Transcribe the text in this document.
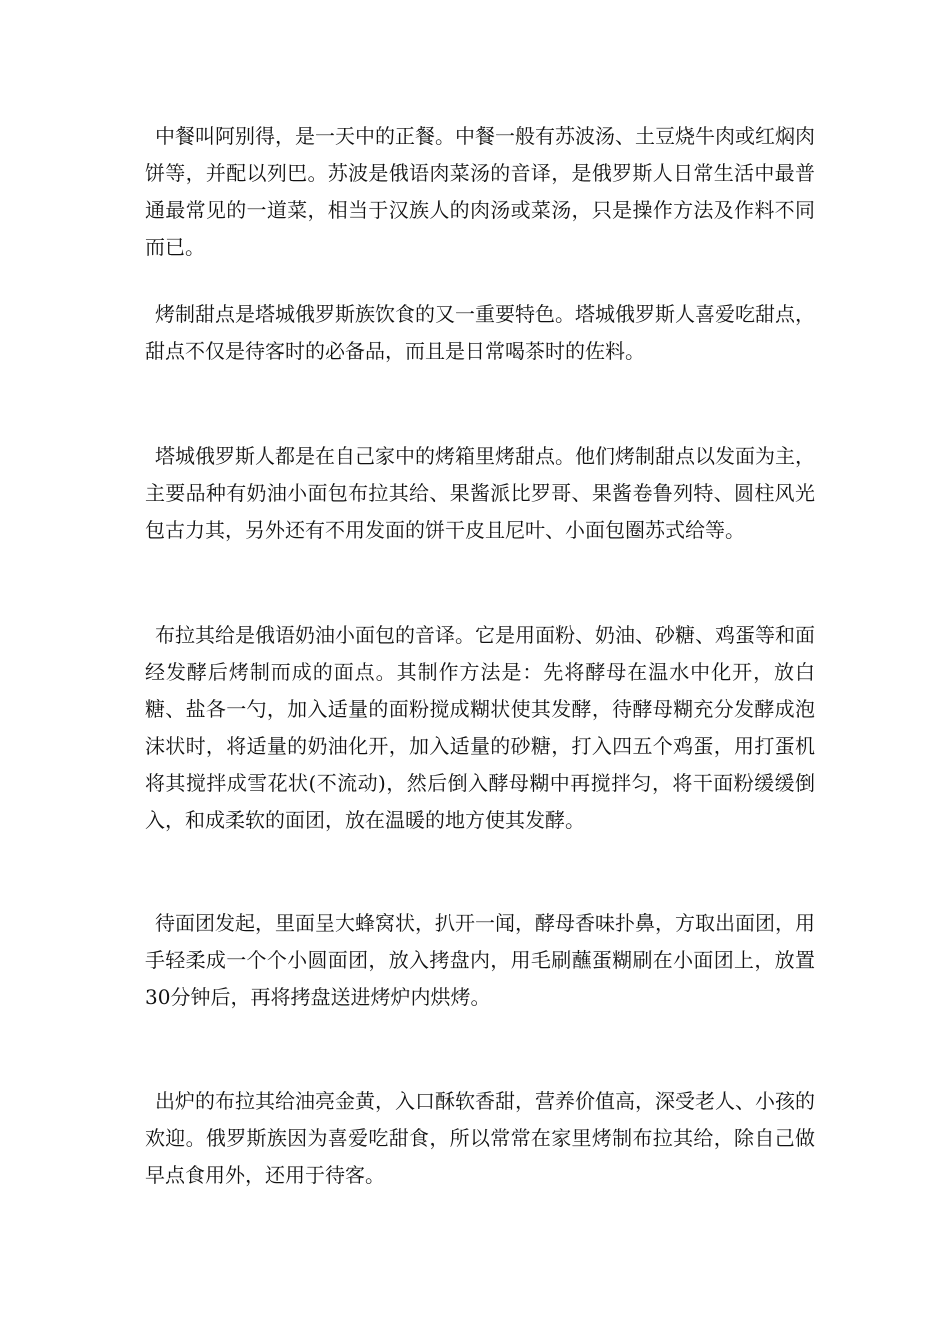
中餐叫阿别得，是一天中的正餐。中餐一般有苏波汤、土豆烧牛肉或红焖肉饼等，并配以列巴。苏波是俄语肉菜汤的音译，是俄罗斯人日常生活中最普通最常见的一道菜，相当于汉族人的肉汤或菜汤，只是操作方法及作料不同而已。

烤制甜点是塔城俄罗斯族饮食的又一重要特色。塔城俄罗斯人喜爱吃甜点，甜点不仅是待客时的必备品，而且是日常喝茶时的佐料。

塔城俄罗斯人都是在自己家中的烤箱里烤甜点。他们烤制甜点以发面为主，主要品种有奶油小面包布拉其给、果酱派比罗哥、果酱卷鲁列特、圆柱风光包古力其，另外还有不用发面的饼干皮且尼叶、小面包圈苏式给等。

布拉其给是俄语奶油小面包的音译。它是用面粉、奶油、砂糖、鸡蛋等和面经发酵后烤制而成的面点。其制作方法是：先将酵母在温水中化开，放白糖、盐各一勺，加入适量的面粉搅成糊状使其发酵，待酵母糊充分发酵成泡沫状时，将适量的奶油化开，加入适量的砂糖，打入四五个鸡蛋，用打蛋机将其搅拌成雪花状(不流动)，然后倒入酵母糊中再搅拌匀，将干面粉缓缓倒入，和成柔软的面团，放在温暖的地方使其发酵。

待面团发起，里面呈大蜂窝状，扒开一闻，酵母香味扑鼻，方取出面团，用手轻柔成一个个小圆面团，放入拷盘内，用毛刷蘸蛋糊刷在小面团上，放置30分钟后，再将拷盘送进烤炉内烘烤。

出炉的布拉其给油亮金黄，入口酥软香甜，营养价值高，深受老人、小孩的欢迎。俄罗斯族因为喜爱吃甜食，所以常常在家里烤制布拉其给，除自己做早点食用外，还用于待客。
